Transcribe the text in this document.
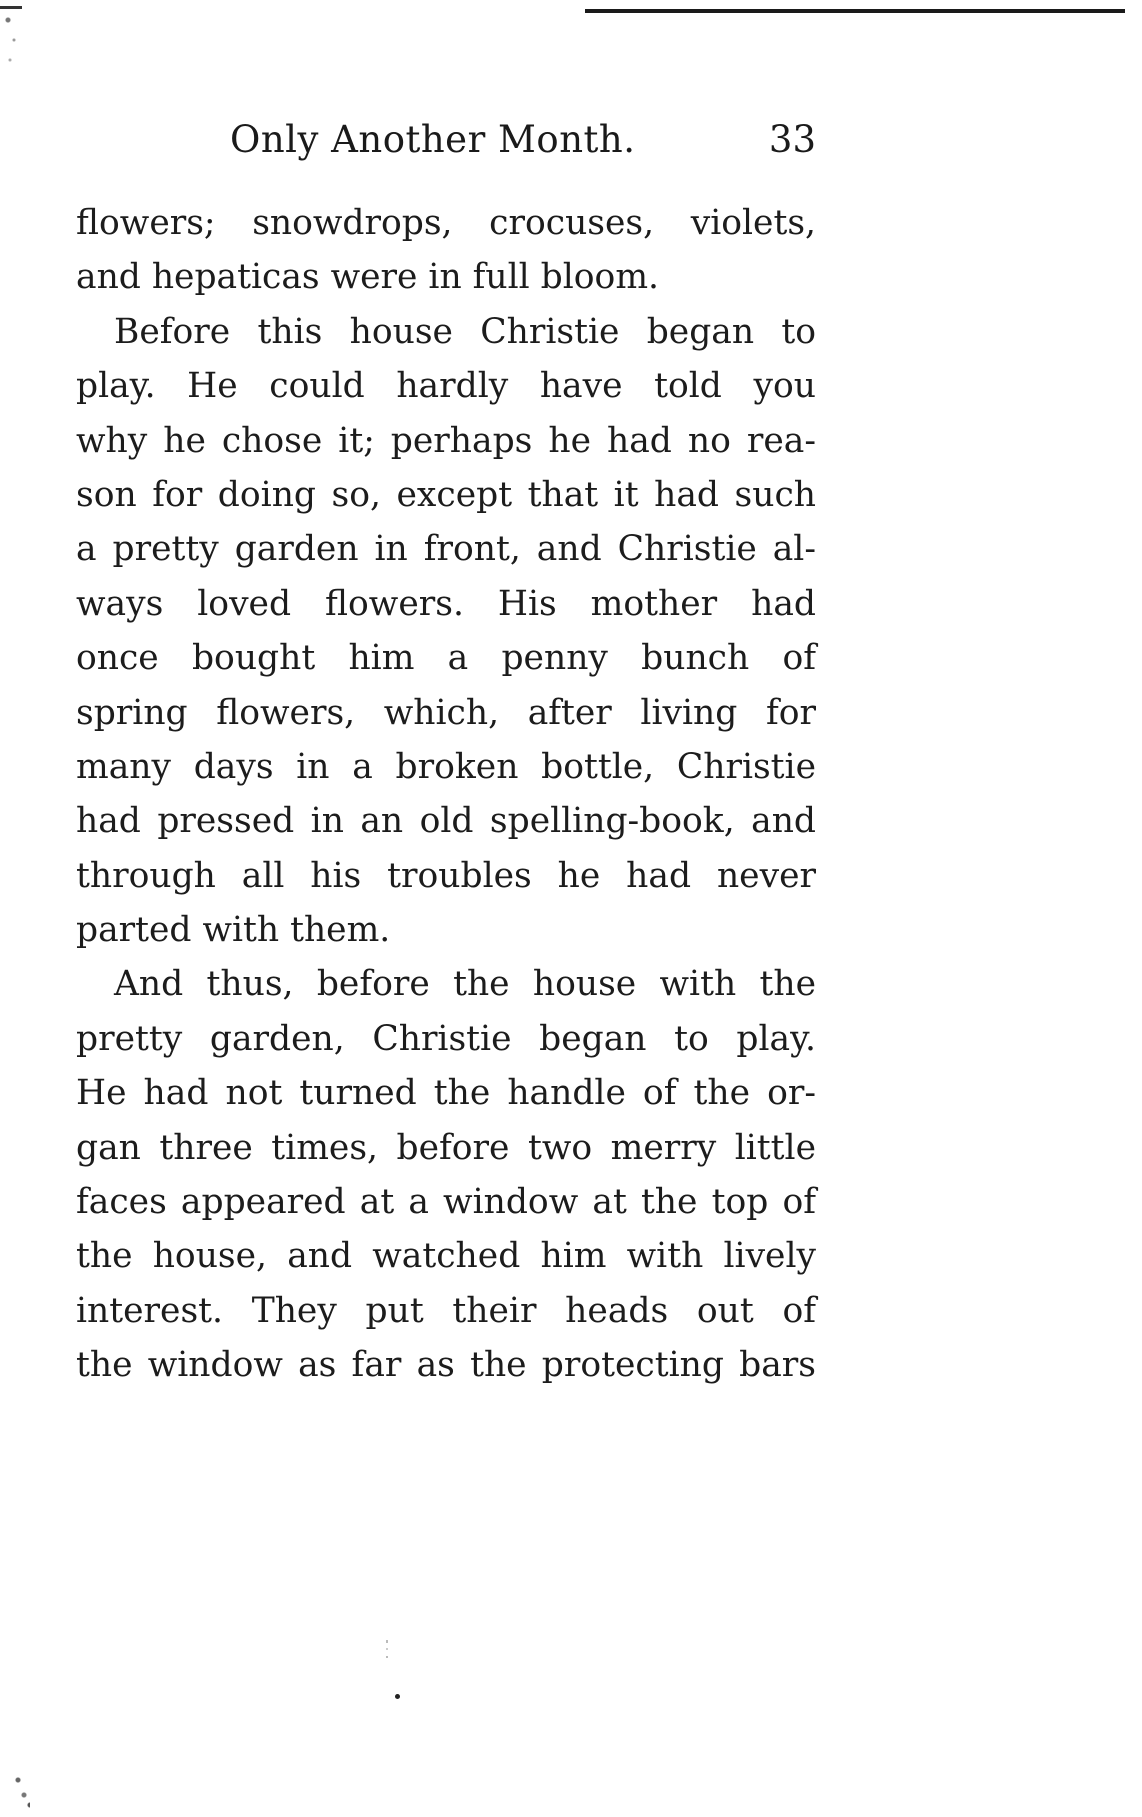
Only Another Month.	33
flowers; snowdrops, crocuses, violets,
and hepaticas were in full bloom.
Before this house Christie began to
play. He could hardly have told you
why he chose it; perhaps he had no rea-
son for doing so, except that it had such
a pretty garden in front, and Christie al-
ways loved flowers. His mother had
once bought him a penny bunch of
spring flowers, which, after living for
many days in a broken bottle, Christie
had pressed in an old spelling-book, and
through all his troubles he had never
parted with them.
And thus, before the house with the
pretty garden, Christie began to play.
He had not turned the handle of the or-
gan three times, before two merry little
faces appeared at a window at the top of
the house, and watched him with lively
interest. They put their heads out of
the window as far as the protecting bars
